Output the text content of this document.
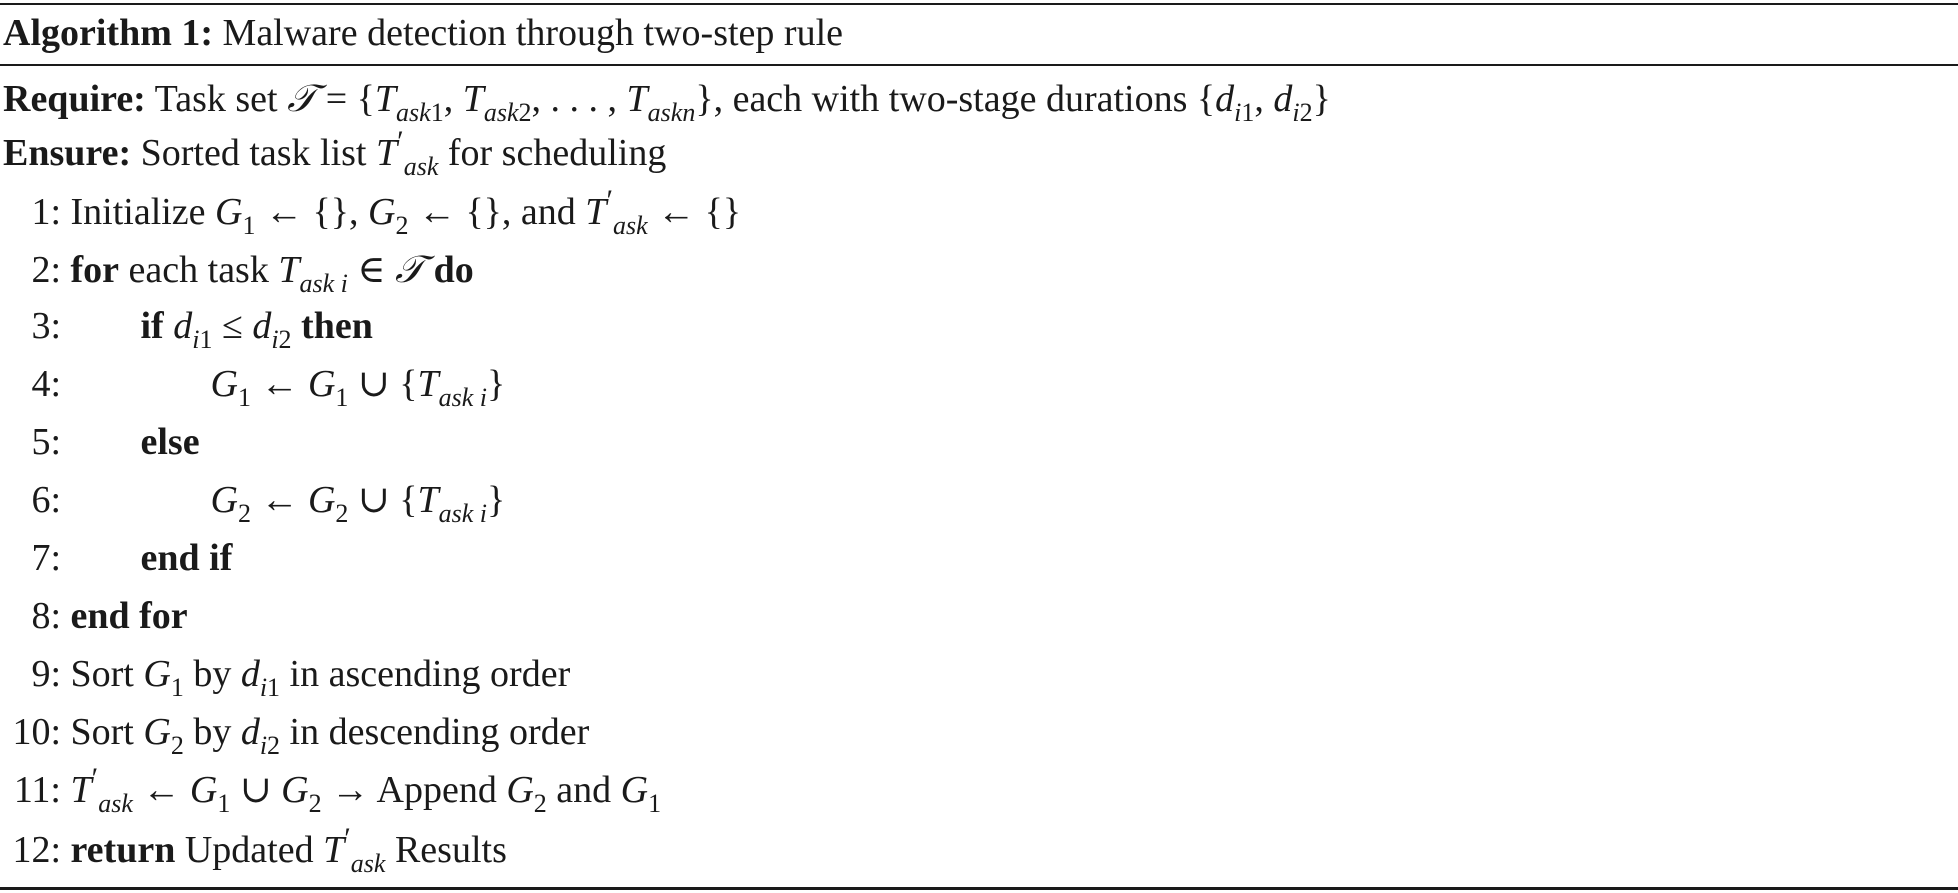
Algorithm 1: Malware detection through two-step rule
Require: Task set 𝒯 = {$T_{ask1}$, $T_{ask2}$, . . . , $T_{askn}$}, each with two-stage durations {$d_{i1}$, $d_{i2}$}
Ensure: Sorted task list $T'_{ask}$ for scheduling
1: Initialize $G_1$ ← {}, $G_2$ ← {}, and $T'_{ask}$ ← {}
2: for each task $T_{ask i}$ ∈ 𝒯 do
3: if $d_{i1} \le d_{i2}$ then
4:	$G_1$ ← $G_1$ ∪ $\{T_{ask i}\}$
5: else
6:	$G_2$ ← $G_2$ ∪ $\{T_{ask i}\}$
7: end if
8: end for
9: Sort $G_1$ by $d_{i1}$ in ascending order
10: Sort $G_2$ by $d_{i2}$ in descending order
11: $T'_{ask}$ ← $G_1$ ∪ $G_2$ → Append $G_2$ and $G_1$
12: return Updated $T'_{ask}$ Results
